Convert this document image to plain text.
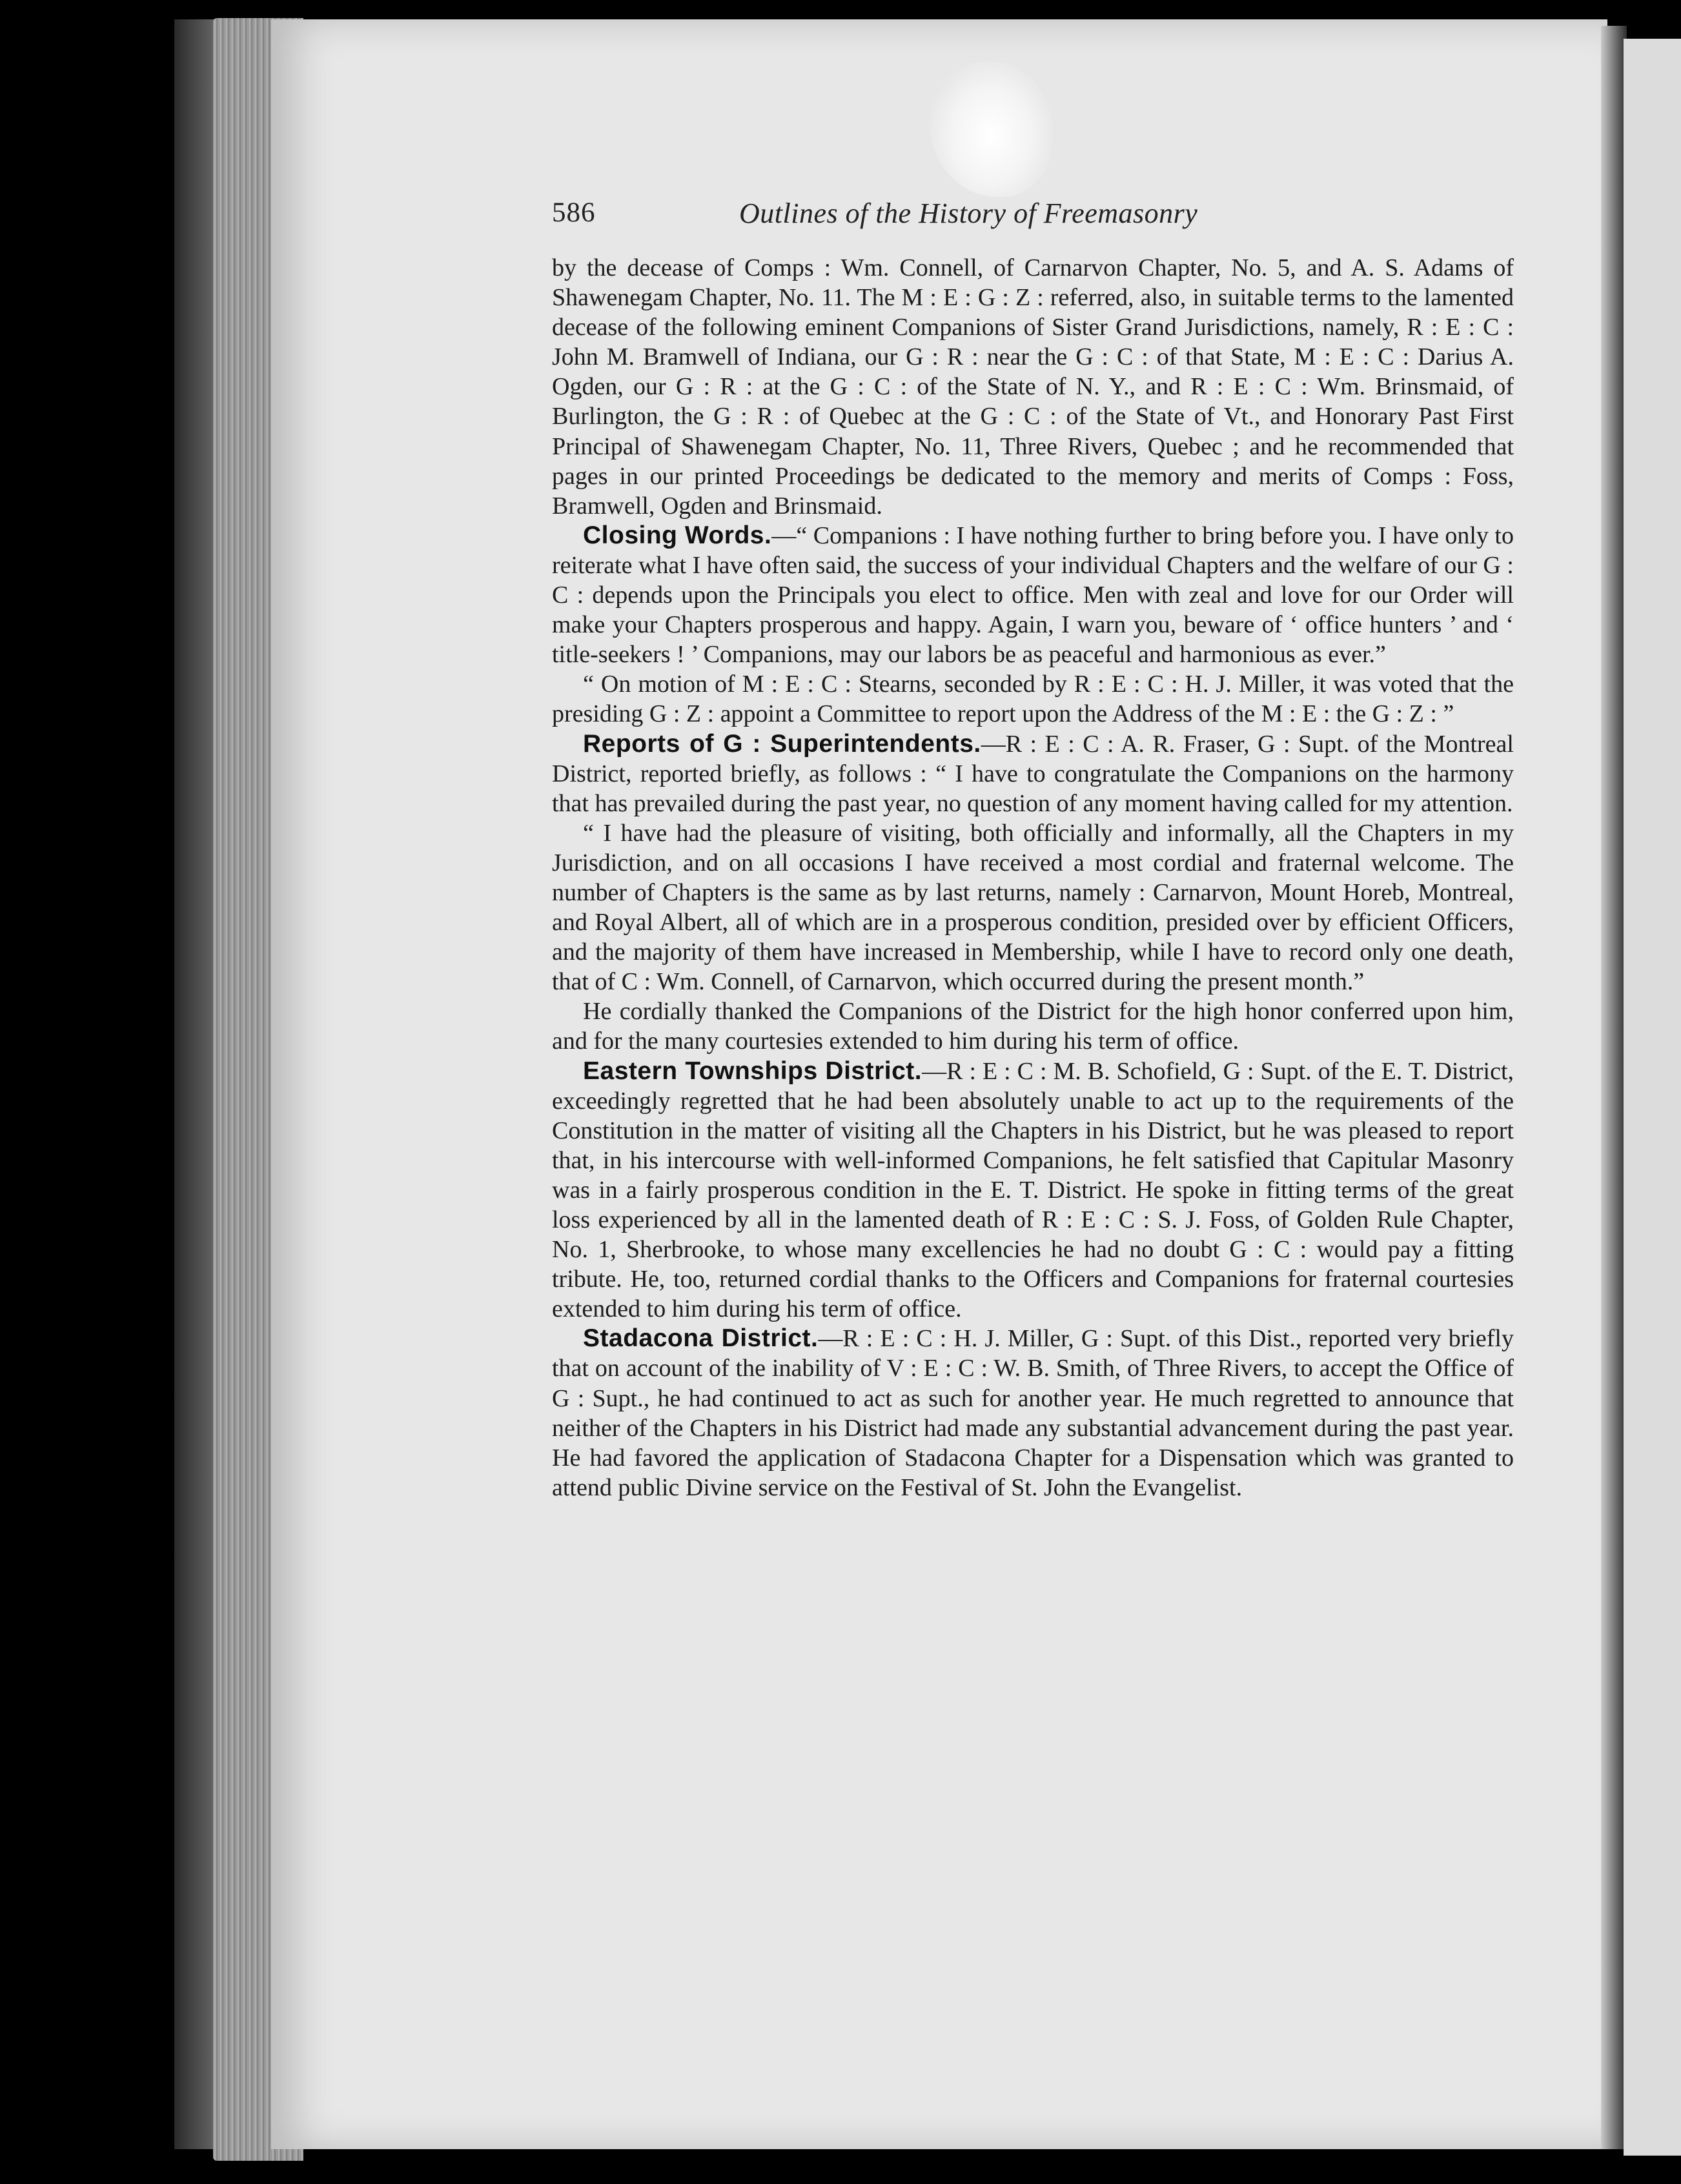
586	Outlines of the History of Freemasonry

by the decease of Comps : Wm. Connell, of Carnarvon Chapter, No. 5, and A. S. Adams of Shawenegam Chapter, No. 11. The M : E : G : Z : referred, also, in suitable terms to the lamented decease of the following eminent Companions of Sister Grand Jurisdictions, namely, R : E : C : John M. Bramwell of Indiana, our G : R : near the G : C : of that State, M : E : C : Darius A. Ogden, our G : R : at the G : C : of the State of N. Y., and R : E : C : Wm. Brinsmaid, of Burlington, the G : R : of Quebec at the G : C : of the State of Vt., and Honorary Past First Principal of Shawenegam Chapter, No. 11, Three Rivers, Quebec ; and he recommended that pages in our printed Proceedings be dedicated to the memory and merits of Comps : Foss, Bramwell, Ogden and Brinsmaid.

Closing Words.—“ Companions : I have nothing further to bring before you. I have only to reiterate what I have often said, the success of your individual Chapters and the welfare of our G : C : depends upon the Principals you elect to office. Men with zeal and love for our Order will make your Chapters prosperous and happy. Again, I warn you, beware of ‘ office hunters ’ and ‘ title-seekers ! ’ Companions, may our labors be as peaceful and harmonious as ever.”

“ On motion of M : E : C : Stearns, seconded by R : E : C : H. J. Miller, it was voted that the presiding G : Z : appoint a Committee to report upon the Address of the M : E : the G : Z : ”

Reports of G : Superintendents.—R : E : C : A. R. Fraser, G : Supt. of the Montreal District, reported briefly, as follows : “ I have to congratulate the Companions on the harmony that has prevailed during the past year, no question of any moment having called for my attention.

“ I have had the pleasure of visiting, both officially and informally, all the Chapters in my Jurisdiction, and on all occasions I have received a most cordial and fraternal welcome. The number of Chapters is the same as by last returns, namely : Carnarvon, Mount Horeb, Montreal, and Royal Albert, all of which are in a prosperous condition, presided over by efficient Officers, and the majority of them have increased in Membership, while I have to record only one death, that of C : Wm. Connell, of Carnarvon, which occurred during the present month.”

He cordially thanked the Companions of the District for the high honor conferred upon him, and for the many courtesies extended to him during his term of office.

Eastern Townships District.—R : E : C : M. B. Schofield, G : Supt. of the E. T. District, exceedingly regretted that he had been absolutely unable to act up to the requirements of the Constitution in the matter of visiting all the Chapters in his District, but he was pleased to report that, in his intercourse with well-informed Companions, he felt satisfied that Capitular Masonry was in a fairly prosperous condition in the E. T. District. He spoke in fitting terms of the great loss experienced by all in the lamented death of R : E : C : S. J. Foss, of Golden Rule Chapter, No. 1, Sherbrooke, to whose many excellencies he had no doubt G : C : would pay a fitting tribute. He, too, returned cordial thanks to the Officers and Companions for fraternal courtesies extended to him during his term of office.

Stadacona District.—R : E : C : H. J. Miller, G : Supt. of this Dist., reported very briefly that on account of the inability of V : E : C : W. B. Smith, of Three Rivers, to accept the Office of G : Supt., he had continued to act as such for another year. He much regretted to announce that neither of the Chapters in his District had made any substantial advancement during the past year. He had favored the application of Stadacona Chapter for a Dispensation which was granted to attend public Divine service on the Festival of St. John the Evangelist.
